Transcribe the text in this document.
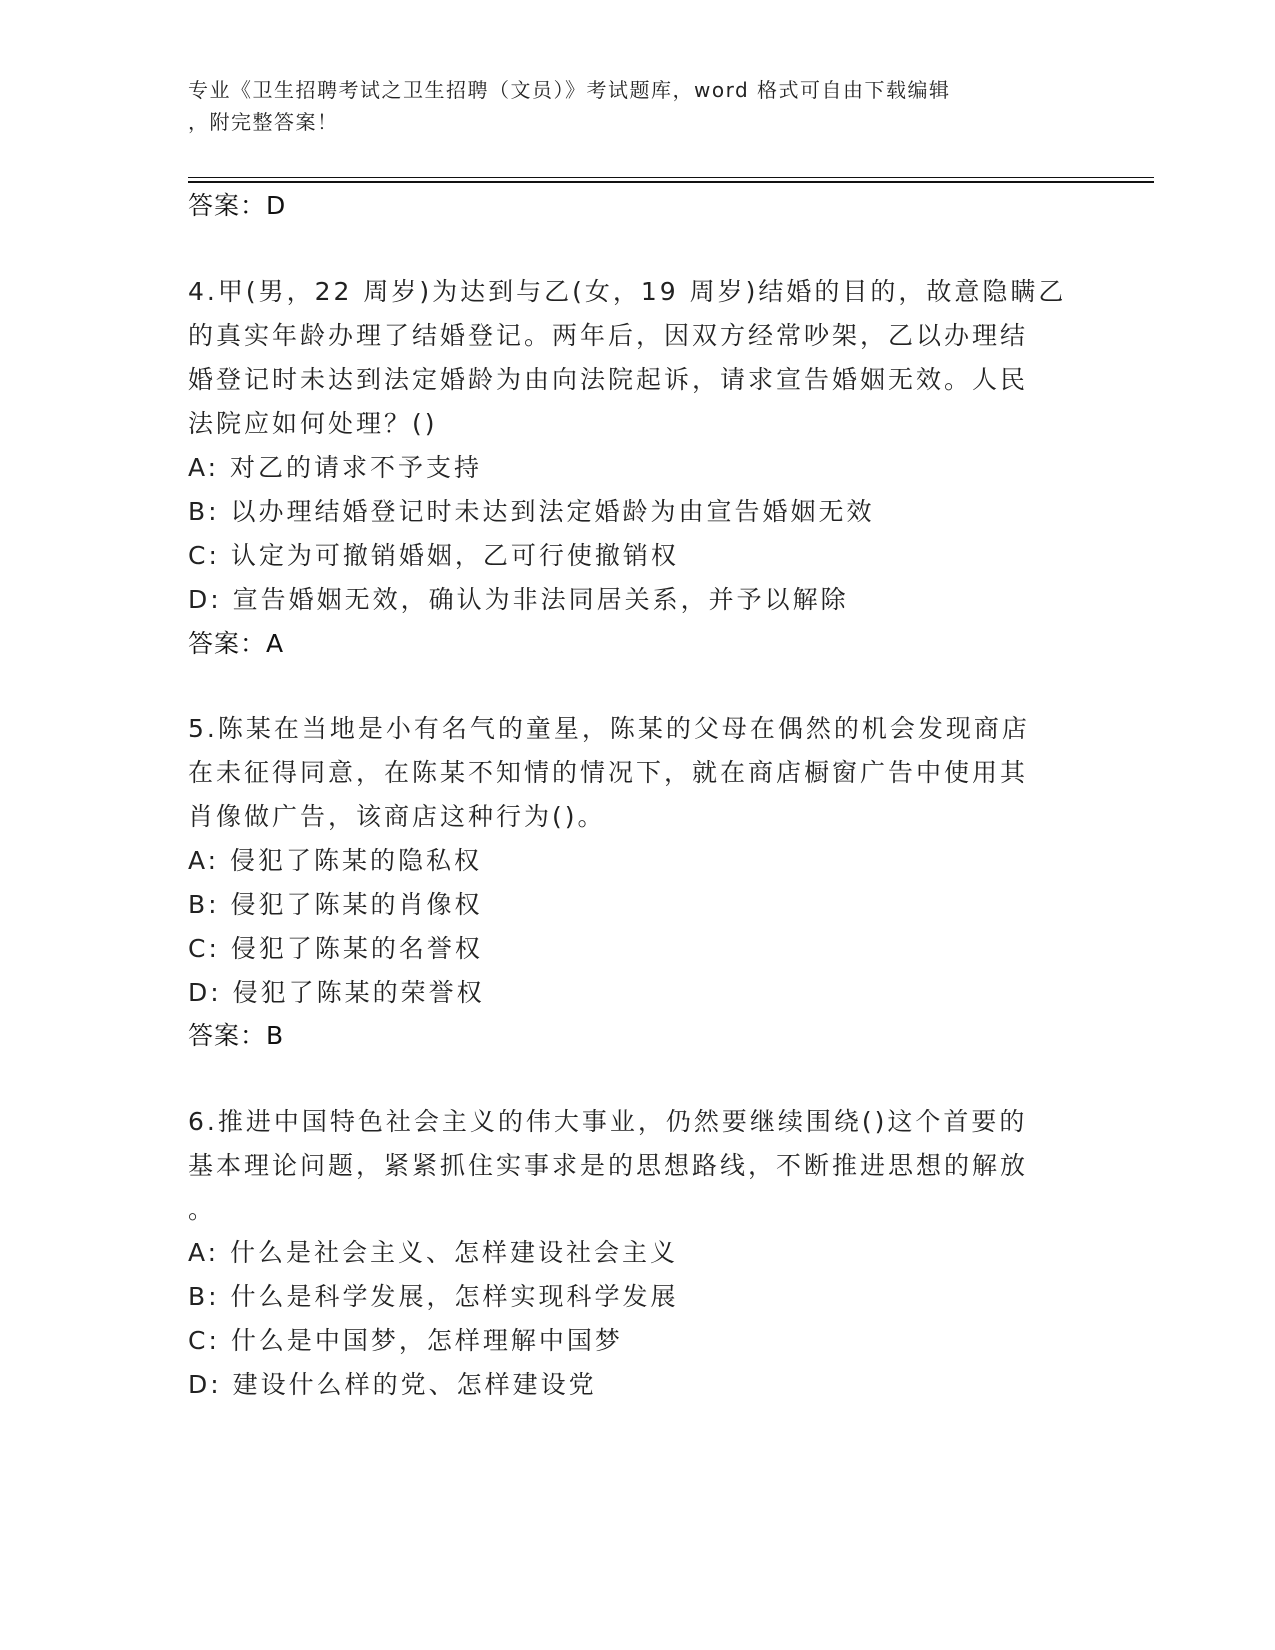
专业《卫生招聘考试之卫生招聘（文员）》考试题库，word 格式可自由下载编辑
，附完整答案！
答案：D
4.甲(男，22 周岁)为达到与乙(女，19 周岁)结婚的目的，故意隐瞒乙
的真实年龄办理了结婚登记。两年后，因双方经常吵架，乙以办理结
婚登记时未达到法定婚龄为由向法院起诉，请求宣告婚姻无效。人民
法院应如何处理？()
A: 对乙的请求不予支持
B: 以办理结婚登记时未达到法定婚龄为由宣告婚姻无效
C: 认定为可撤销婚姻，乙可行使撤销权
D: 宣告婚姻无效，确认为非法同居关系，并予以解除
答案：A
5.陈某在当地是小有名气的童星，陈某的父母在偶然的机会发现商店
在未征得同意，在陈某不知情的情况下，就在商店橱窗广告中使用其
肖像做广告，该商店这种行为()。
A: 侵犯了陈某的隐私权
B: 侵犯了陈某的肖像权
C: 侵犯了陈某的名誉权
D: 侵犯了陈某的荣誉权
答案：B
6.推进中国特色社会主义的伟大事业，仍然要继续围绕()这个首要的
基本理论问题，紧紧抓住实事求是的思想路线，不断推进思想的解放
。
A: 什么是社会主义、怎样建设社会主义
B: 什么是科学发展，怎样实现科学发展
C: 什么是中国梦，怎样理解中国梦
D: 建设什么样的党、怎样建设党
